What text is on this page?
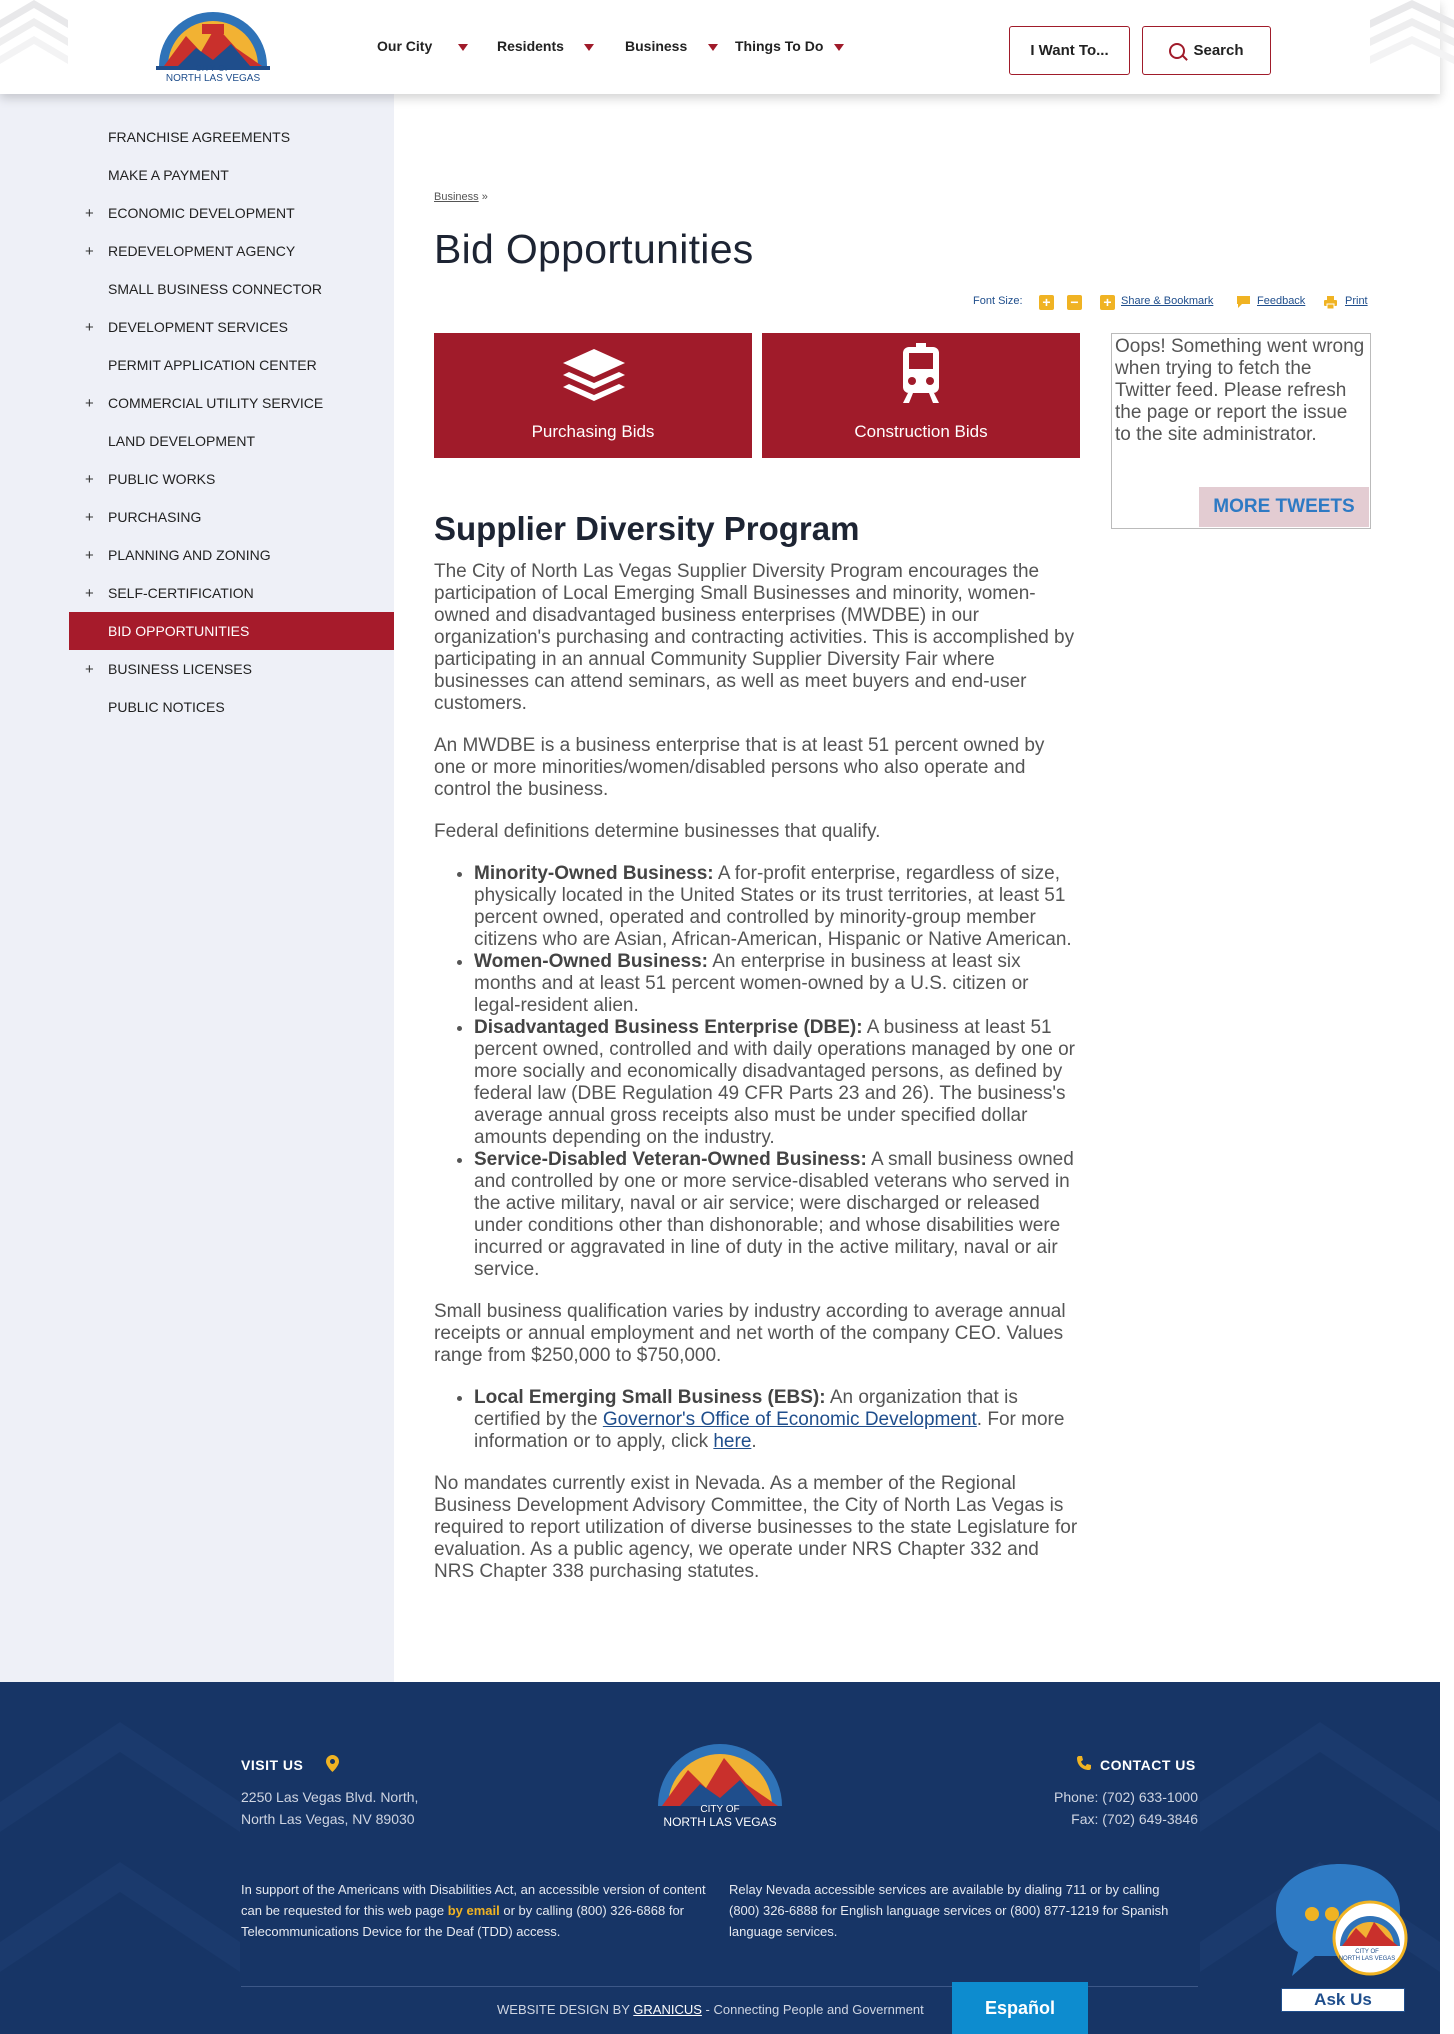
CITY OF
NORTH LAS VEGAS
Our City	Residents	Business	Things To Do	I Want To...	Search
FRANCHISE AGREEMENTS
MAKE A PAYMENT
+ ECONOMIC DEVELOPMENT
+ REDEVELOPMENT AGENCY
SMALL BUSINESS CONNECTOR
+ DEVELOPMENT SERVICES
PERMIT APPLICATION CENTER
+ COMMERCIAL UTILITY SERVICE
LAND DEVELOPMENT
+ PUBLIC WORKS
+ PURCHASING
+ PLANNING AND ZONING
+ SELF-CERTIFICATION
BID OPPORTUNITIES
+ BUSINESS LICENSES
PUBLIC NOTICES
Business »
Bid Opportunities
Font Size: + − + Share & Bookmark	Feedback	Print
Purchasing Bids	Construction Bids
Oops! Something went wrong when trying to fetch the Twitter feed. Please refresh the page or report the issue to the site administrator.
MORE TWEETS
Supplier Diversity Program

The City of North Las Vegas Supplier Diversity Program encourages the participation of Local Emerging Small Businesses and minority, women-owned and disadvantaged business enterprises (MWDBE) in our organization's purchasing and contracting activities. This is accomplished by participating in an annual Community Supplier Diversity Fair where businesses can attend seminars, as well as meet buyers and end-user customers.

An MWDBE is a business enterprise that is at least 51 percent owned by one or more minorities/women/disabled persons who also operate and control the business.

Federal definitions determine businesses that qualify.

• Minority-Owned Business: A for-profit enterprise, regardless of size, physically located in the United States or its trust territories, at least 51 percent owned, operated and controlled by minority-group member citizens who are Asian, African-American, Hispanic or Native American.
• Women-Owned Business: An enterprise in business at least six months and at least 51 percent women-owned by a U.S. citizen or legal-resident alien.
• Disadvantaged Business Enterprise (DBE): A business at least 51 percent owned, controlled and with daily operations managed by one or more socially and economically disadvantaged persons, as defined by federal law (DBE Regulation 49 CFR Parts 23 and 26). The business's average annual gross receipts also must be under specified dollar amounts depending on the industry.
• Service-Disabled Veteran-Owned Business: A small business owned and controlled by one or more service-disabled veterans who served in the active military, naval or air service; were discharged or released under conditions other than dishonorable; and whose disabilities were incurred or aggravated in line of duty in the active military, naval or air service.

Small business qualification varies by industry according to average annual receipts or annual employment and net worth of the company CEO. Values range from $250,000 to $750,000.

• Local Emerging Small Business (EBS): An organization that is certified by the Governor's Office of Economic Development. For more information or to apply, click here.

No mandates currently exist in Nevada. As a member of the Regional Business Development Advisory Committee, the City of North Las Vegas is required to report utilization of diverse businesses to the state Legislature for evaluation. As a public agency, we operate under NRS Chapter 332 and NRS Chapter 338 purchasing statutes.

VISIT US
2250 Las Vegas Blvd. North,
North Las Vegas, NV 89030
CITY OF
NORTH LAS VEGAS
CONTACT US
Phone: (702) 633-1000
Fax: (702) 649-3846
In support of the Americans with Disabilities Act, an accessible version of content can be requested for this web page by email or by calling (800) 326-6868 for Telecommunications Device for the Deaf (TDD) access.
Relay Nevada accessible services are available by dialing 711 or by calling (800) 326-6888 for English language services or (800) 877-1219 for Spanish language services.
WEBSITE DESIGN BY GRANICUS - Connecting People and Government	Español
CITY OF
NORTH LAS VEGAS
Ask Us
